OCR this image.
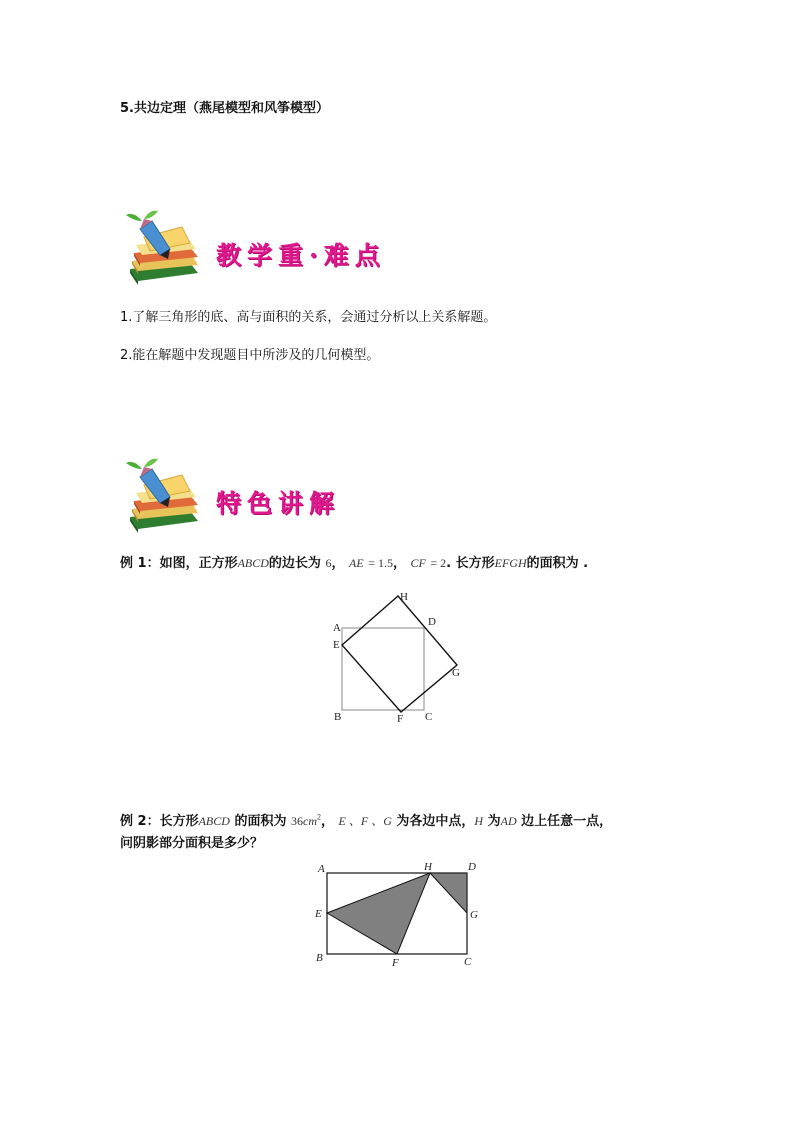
5.共边定理（燕尾模型和风筝模型）
教学重·难点
1.了解三角形的底、高与面积的关系，会通过分析以上关系解题。
2.能在解题中发现题目中所涉及的几何模型。
特色讲解
例 1：如图，正方形ABCD的边长为 6， AE = 1.5， CF = 2. 长方形EFGH的面积为 .
A
E
B	F C
H
D
G
例 2：长方形ABCD 的面积为 $36cm^2$， E 、F 、G 为各边中点，H 为AD 边上任意一点，
问阴影部分面积是多少？
A
E
B	F	C
H	D
G
